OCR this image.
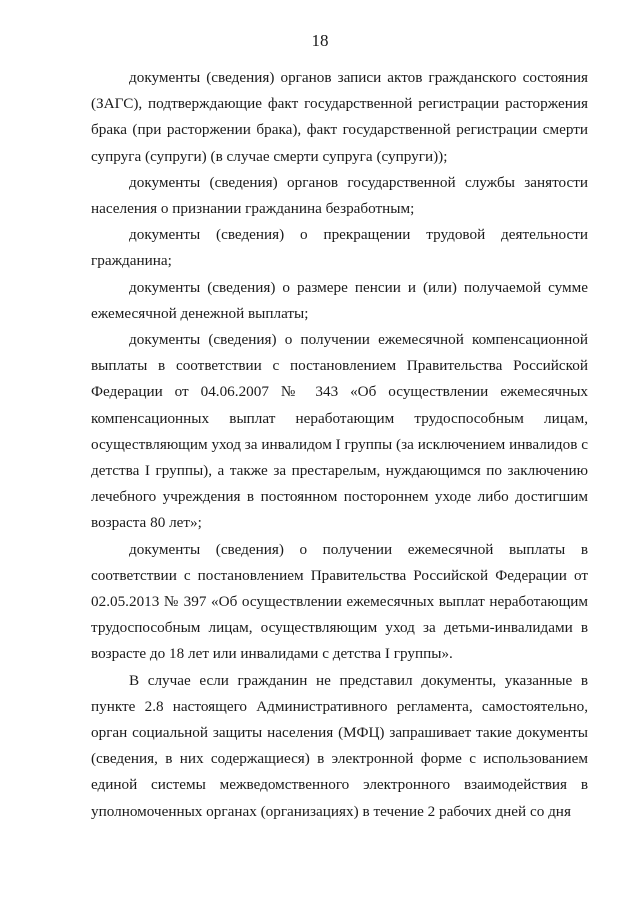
18

документы (сведения) органов записи актов гражданского состояния (ЗАГС), подтверждающие факт государственной регистрации расторжения брака (при расторжении брака), факт государственной регистрации смерти супруга (супруги) (в случае смерти супруга (супруги));

документы (сведения) органов государственной службы занятости населения о признании гражданина безработным;

документы (сведения) о прекращении трудовой деятельности гражданина;

документы (сведения) о размере пенсии и (или) получаемой сумме ежемесячной денежной выплаты;

документы (сведения) о получении ежемесячной компенсационной выплаты в соответствии с постановлением Правительства Российской Федерации от 04.06.2007 № 343 «Об осуществлении ежемесячных компенсационных выплат неработающим трудоспособным лицам, осуществляющим уход за инвалидом I группы (за исключением инвалидов с детства I группы), а также за престарелым, нуждающимся по заключению лечебного учреждения в постоянном постороннем уходе либо достигшим возраста 80 лет»;

документы (сведения) о получении ежемесячной выплаты в соответствии с постановлением Правительства Российской Федерации от 02.05.2013 № 397 «Об осуществлении ежемесячных выплат неработающим трудоспособным лицам, осуществляющим уход за детьми-инвалидами в возрасте до 18 лет или инвалидами с детства I группы».

В случае если гражданин не представил документы, указанные в пункте 2.8 настоящего Административного регламента, самостоятельно, орган социальной защиты населения (МФЦ) запрашивает такие документы (сведения, в них содержащиеся) в электронной форме с использованием единой системы межведомственного электронного взаимодействия в уполномоченных органах (организациях) в течение 2 рабочих дней со дня
